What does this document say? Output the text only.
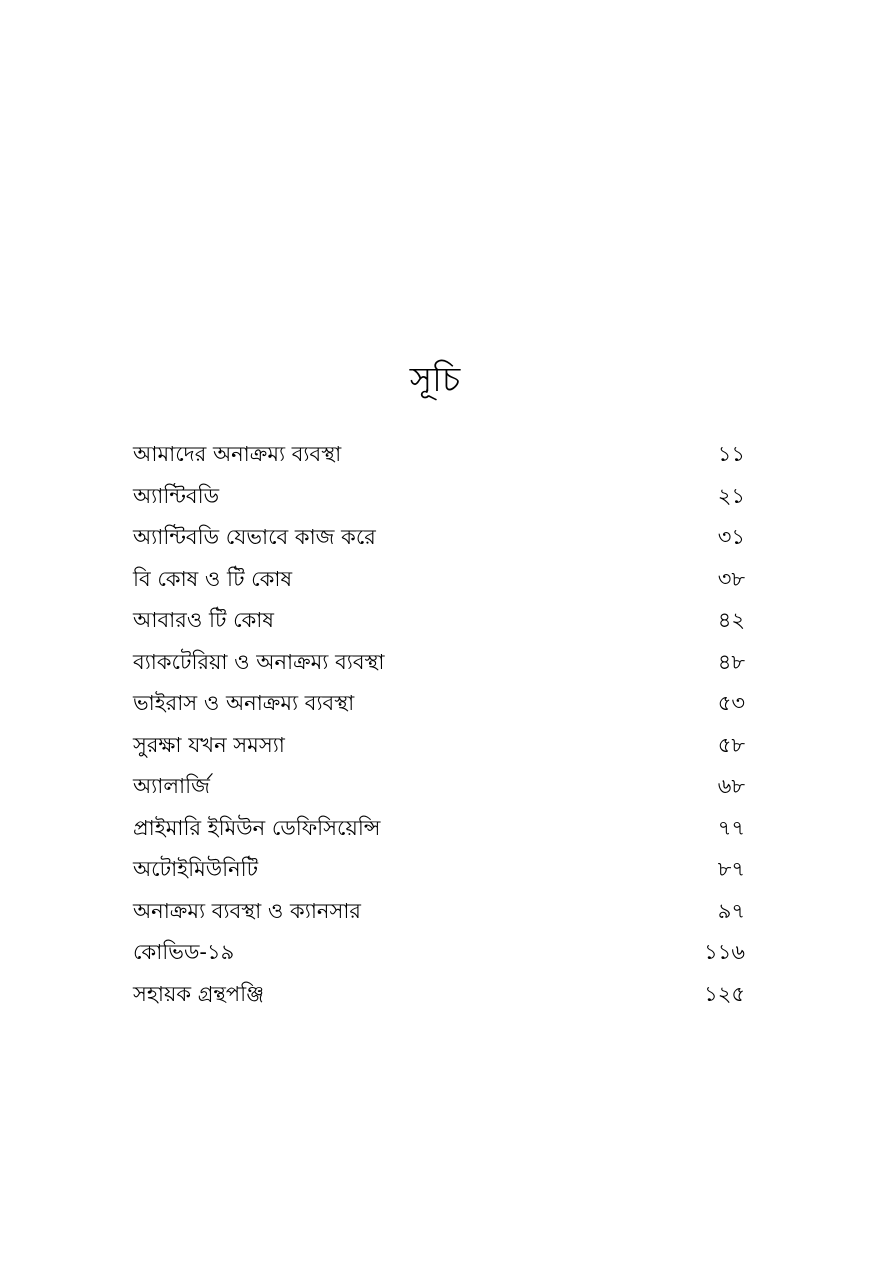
সূচি
আমাদের অনাক্রম্য ব্যবস্থা	১১
অ্যান্টিবডি	২১
অ্যান্টিবডি যেভাবে কাজ করে	৩১
বি কোষ ও টি কোষ	৩৮
আবারও টি কোষ	৪২
ব্যাকটেরিয়া ও অনাক্রম্য ব্যবস্থা	৪৮
ভাইরাস ও অনাক্রম্য ব্যবস্থা	৫৩
সুরক্ষা যখন সমস্যা	৫৮
অ্যালার্জি	৬৮
প্রাইমারি ইমিউন ডেফিসিয়েন্সি	৭৭
অটোইমিউনিটি	৮৭
অনাক্রম্য ব্যবস্থা ও ক্যানসার	৯৭
কোভিড-১৯	১১৬
সহায়ক গ্রন্থপঞ্জি	১২৫
